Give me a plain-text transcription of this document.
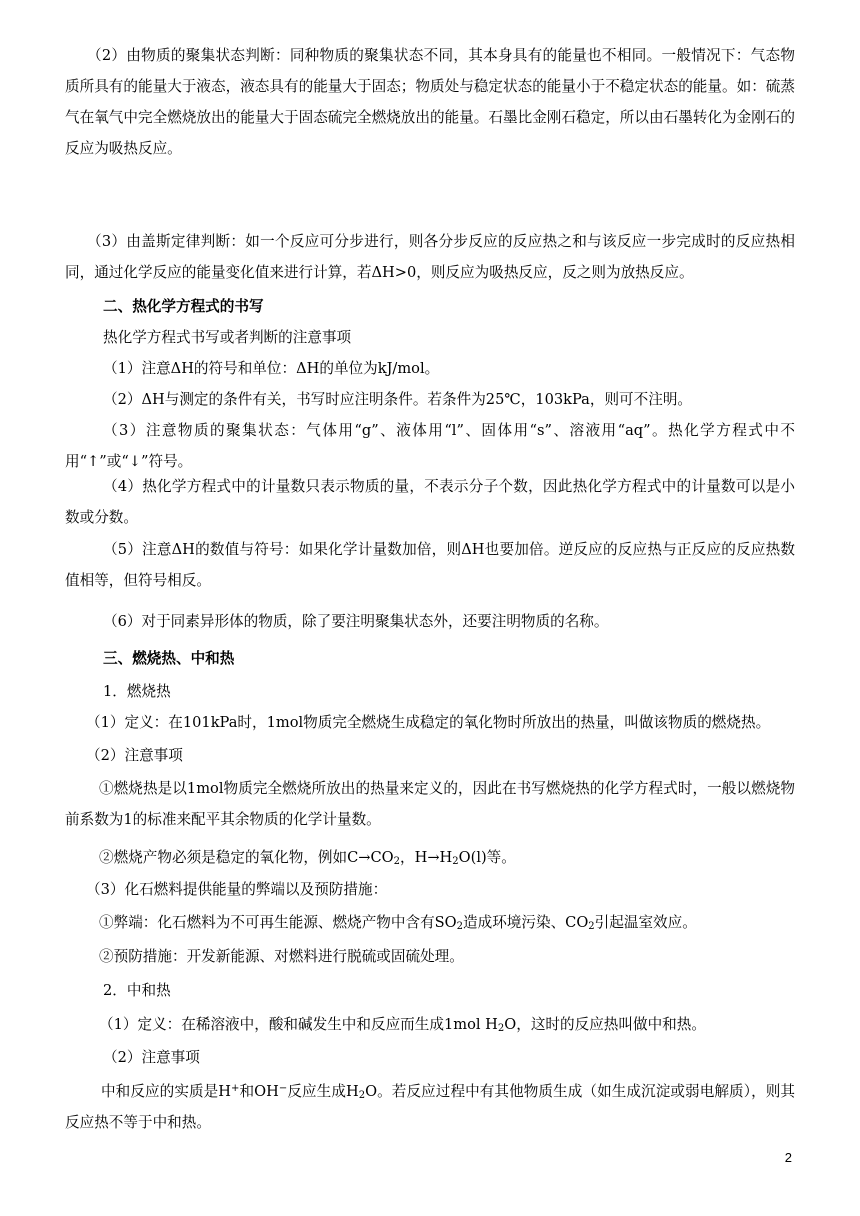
（2）由物质的聚集状态判断：同种物质的聚集状态不同，其本身具有的能量也不相同。一般情况下：气态物质所具有的能量大于液态，液态具有的能量大于固态；物质处与稳定状态的能量小于不稳定状态的能量。如：硫蒸气在氧气中完全燃烧放出的能量大于固态硫完全燃烧放出的能量。石墨比金刚石稳定，所以由石墨转化为金刚石的反应为吸热反应。
（3）由盖斯定律判断：如一个反应可分步进行，则各分步反应的反应热之和与该反应一步完成时的反应热相同，通过化学反应的能量变化值来进行计算，若ΔH>0，则反应为吸热反应，反之则为放热反应。
二、热化学方程式的书写
热化学方程式书写或者判断的注意事项
（1）注意ΔH的符号和单位：ΔH的单位为kJ/mol。
（2）ΔH与测定的条件有关，书写时应注明条件。若条件为25℃，103kPa，则可不注明。
（3）注意物质的聚集状态：气体用“g”、液体用“l”、固体用“s”、溶液用“aq”。热化学方程式中不用“↑”或“↓”符号。
（4）热化学方程式中的计量数只表示物质的量，不表示分子个数，因此热化学方程式中的计量数可以是小数或分数。
（5）注意ΔH的数值与符号：如果化学计量数加倍，则ΔH也要加倍。逆反应的反应热与正反应的反应热数值相等，但符号相反。
（6）对于同素异形体的物质，除了要注明聚集状态外，还要注明物质的名称。
三、燃烧热、中和热
1．燃烧热
（1）定义：在101kPa时，1mol物质完全燃烧生成稳定的氧化物时所放出的热量，叫做该物质的燃烧热。
（2）注意事项
①燃烧热是以1mol物质完全燃烧所放出的热量来定义的，因此在书写燃烧热的化学方程式时，一般以燃烧物前系数为1的标准来配平其余物质的化学计量数。
②燃烧产物必须是稳定的氧化物，例如$C\to CO_2$，$H\to H_2O(l)$等。
（3）化石燃料提供能量的弊端以及预防措施：
①弊端：化石燃料为不可再生能源、燃烧产物中含有$SO_2$造成环境污染、$CO_2$引起温室效应。
②预防措施：开发新能源、对燃料进行脱硫或固硫处理。
2．中和热
（1）定义：在稀溶液中，酸和碱发生中和反应而生成1mol $H_2O$，这时的反应热叫做中和热。
（2）注意事项
中和反应的实质是H+和OH−反应生成$H_2O$。若反应过程中有其他物质生成（如生成沉淀或弱电解质），则其反应热不等于中和热。
2
